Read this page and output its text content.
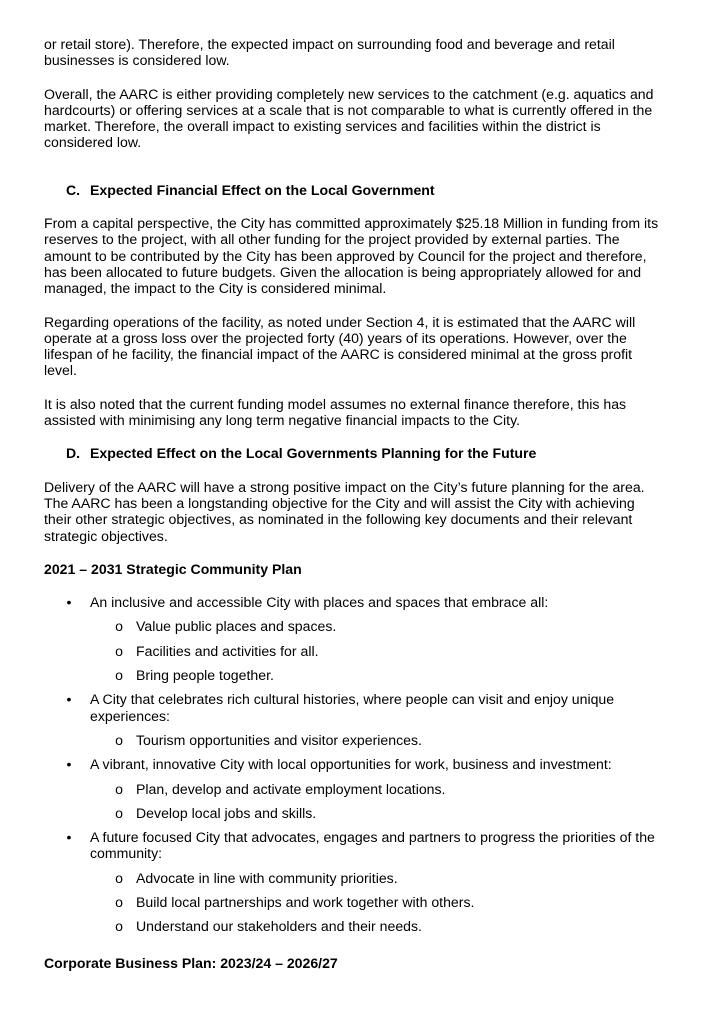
or retail store). Therefore, the expected impact on surrounding food and beverage and retail businesses is considered low.

Overall, the AARC is either providing completely new services to the catchment (e.g. aquatics and hardcourts) or offering services at a scale that is not comparable to what is currently offered in the market. Therefore, the overall impact to existing services and facilities within the district is considered low.

C. Expected Financial Effect on the Local Government

From a capital perspective, the City has committed approximately $25.18 Million in funding from its reserves to the project, with all other funding for the project provided by external parties. The amount to be contributed by the City has been approved by Council for the project and therefore, has been allocated to future budgets. Given the allocation is being appropriately allowed for and managed, the impact to the City is considered minimal.

Regarding operations of the facility, as noted under Section 4, it is estimated that the AARC will operate at a gross loss over the projected forty (40) years of its operations. However, over the lifespan of he facility, the financial impact of the AARC is considered minimal at the gross profit level.

It is also noted that the current funding model assumes no external finance therefore, this has assisted with minimising any long term negative financial impacts to the City.

D. Expected Effect on the Local Governments Planning for the Future

Delivery of the AARC will have a strong positive impact on the City’s future planning for the area. The AARC has been a longstanding objective for the City and will assist the City with achieving their other strategic objectives, as nominated in the following key documents and their relevant strategic objectives.

2021 – 2031 Strategic Community Plan

• An inclusive and accessible City with places and spaces that embrace all:
o Value public places and spaces.
o Facilities and activities for all.
o Bring people together.
• A City that celebrates rich cultural histories, where people can visit and enjoy unique experiences:
o Tourism opportunities and visitor experiences.
• A vibrant, innovative City with local opportunities for work, business and investment:
o Plan, develop and activate employment locations.
o Develop local jobs and skills.
• A future focused City that advocates, engages and partners to progress the priorities of the community:
o Advocate in line with community priorities.
o Build local partnerships and work together with others.
o Understand our stakeholders and their needs.

Corporate Business Plan: 2023/24 – 2026/27
